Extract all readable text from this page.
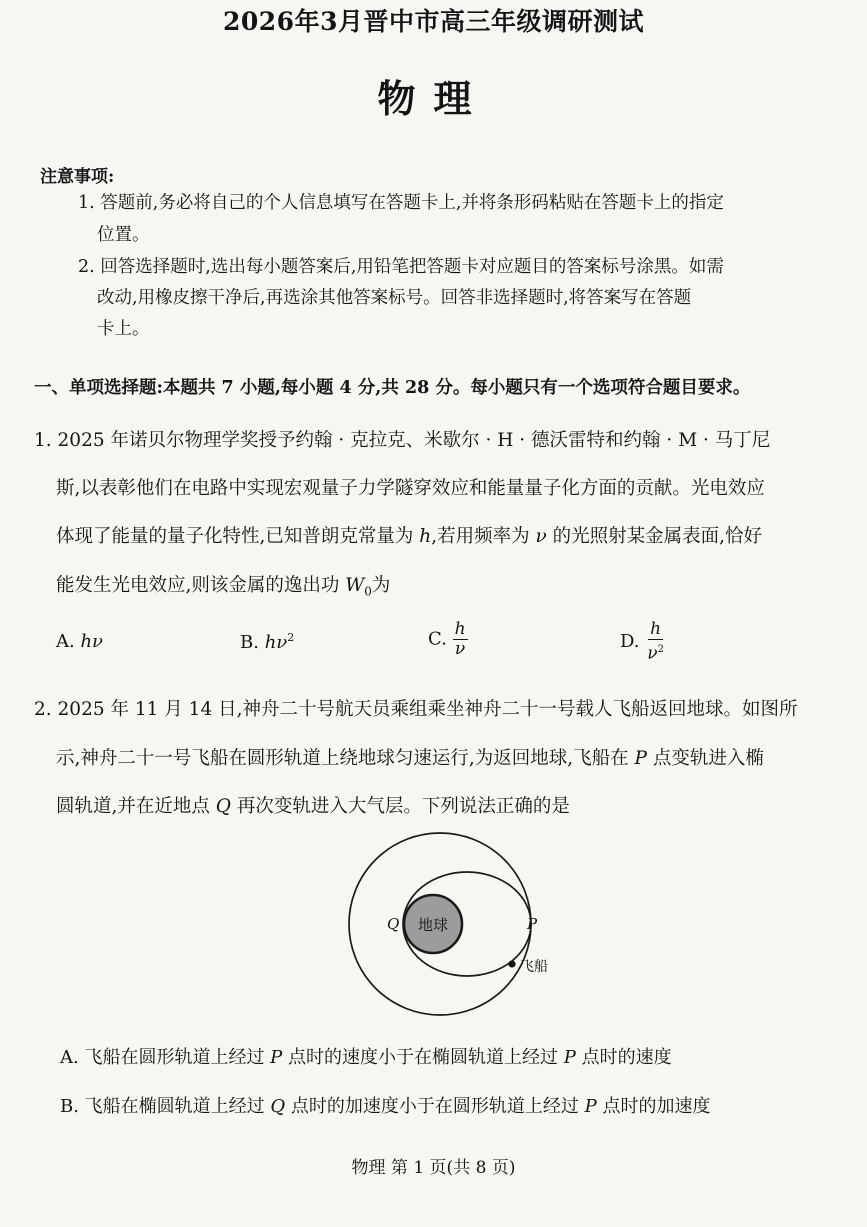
2026年3月晋中市高三年级调研测试
物理
注意事项:
1. 答题前,务必将自己的个人信息填写在答题卡上,并将条形码粘贴在答题卡上的指定
位置。
2. 回答选择题时,选出每小题答案后,用铅笔把答题卡对应题目的答案标号涂黑。如需
改动,用橡皮擦干净后,再选涂其他答案标号。回答非选择题时,将答案写在答题
卡上。
一、单项选择题:本题共 7 小题,每小题 4 分,共 28 分。每小题只有一个选项符合题目要求。
1. 2025 年诺贝尔物理学奖授予约翰 · 克拉克、米歇尔 · H · 德沃雷特和约翰 · M · 马丁尼
斯,以表彰他们在电路中实现宏观量子力学隧穿效应和能量量子化方面的贡献。光电效应
体现了能量的量子化特性,已知普朗克常量为 h,若用频率为 ν 的光照射某金属表面,恰好
能发生光电效应,则该金属的逸出功 $W_0$为
A. hν	B. $h\nu^2$	C. $\frac{h}{\nu}$	D. $\frac{h}{\nu^2}$
2. 2025 年 11 月 14 日,神舟二十号航天员乘组乘坐神舟二十一号载人飞船返回地球。如图所
示,神舟二十一号飞船在圆形轨道上绕地球匀速运行,为返回地球,飞船在 P 点变轨进入椭
圆轨道,并在近地点 Q 再次变轨进入大气层。下列说法正确的是
地球
Q	P
飞船
A. 飞船在圆形轨道上经过 P 点时的速度小于在椭圆轨道上经过 P 点时的速度
B. 飞船在椭圆轨道上经过 Q 点时的加速度小于在圆形轨道上经过 P 点时的加速度
物理 第 1 页(共 8 页)
